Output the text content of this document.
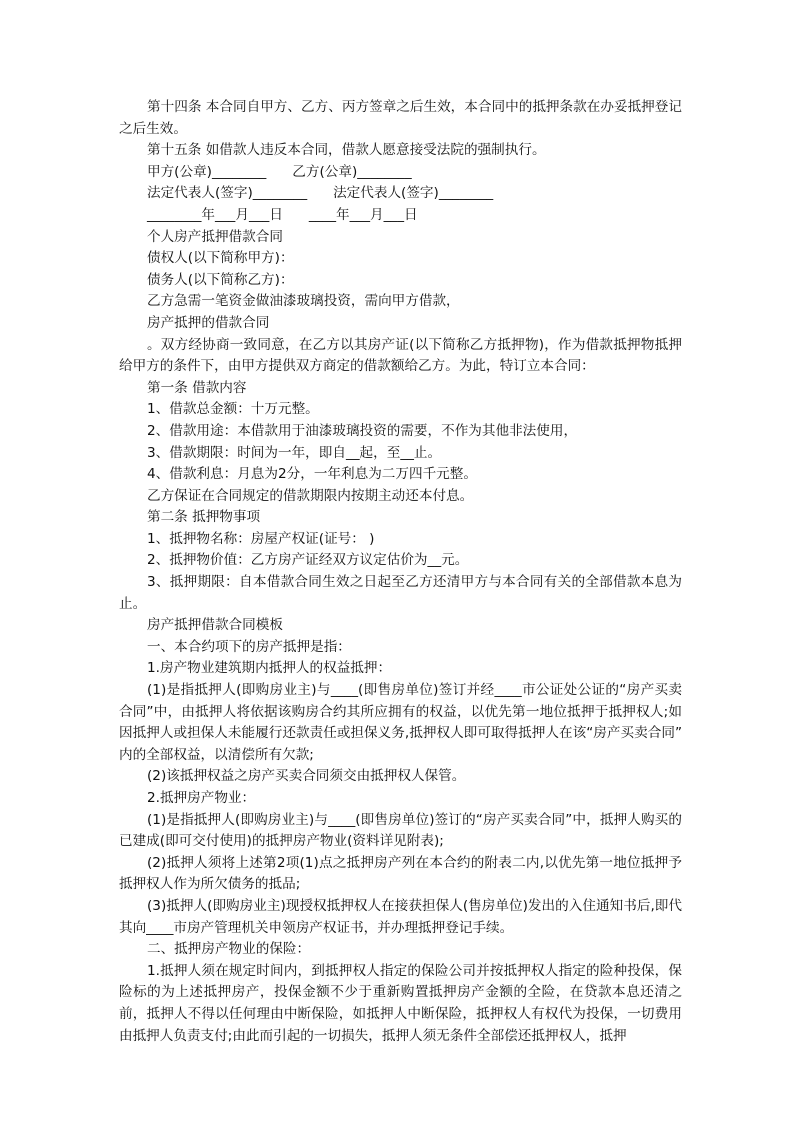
第十四条 本合同自甲方、乙方、丙方签章之后生效，本合同中的抵押条款在办妥抵押登记之后生效。

第十五条 如借款人违反本合同，借款人愿意接受法院的强制执行。

甲方(公章)________      乙方(公章)________

法定代表人(签字)________      法定代表人(签字)________

________年___月___日      ____年___月___日

个人房产抵押借款合同

债权人(以下简称甲方)：

债务人(以下简称乙方)：

乙方急需一笔资金做油漆玻璃投资，需向甲方借款，

房产抵押的借款合同

。双方经协商一致同意，在乙方以其房产证(以下简称乙方抵押物)，作为借款抵押物抵押给甲方的条件下，由甲方提供双方商定的借款额给乙方。为此，特订立本合同：

第一条 借款内容

1、借款总金额：十万元整。

2、借款用途：本借款用于油漆玻璃投资的需要，不作为其他非法使用，

3、借款期限：时间为一年，即自__起，至__止。

4、借款利息：月息为2分，一年利息为二万四千元整。

乙方保证在合同规定的借款期限内按期主动还本付息。

第二条 抵押物事项

1、抵押物名称：房屋产权证(证号： )

2、抵押物价值：乙方房产证经双方议定估价为__元。

3、抵押期限：自本借款合同生效之日起至乙方还清甲方与本合同有关的全部借款本息为止。

房产抵押借款合同模板

一、本合约项下的房产抵押是指：

1.房产物业建筑期内抵押人的权益抵押：

(1)是指抵押人(即购房业主)与____(即售房单位)签订并经____市公证处公证的“房产买卖合同”中，由抵押人将依据该购房合约其所应拥有的权益，以优先第一地位抵押于抵押权人;如因抵押人或担保人未能履行还款责任或担保义务,抵押权人即可取得抵押人在该“房产买卖合同” 内的全部权益，以清偿所有欠款;

(2)该抵押权益之房产买卖合同须交由抵押权人保管。

2.抵押房产物业：

(1)是指抵押人(即购房业主)与____(即售房单位)签订的“房产买卖合同”中，抵押人购买的已建成(即可交付使用)的抵押房产物业(资料详见附表);

(2)抵押人须将上述第2项(1)点之抵押房产列在本合约的附表二内,以优先第一地位抵押予抵押权人作为所欠债务的抵品;

(3)抵押人(即购房业主)现授权抵押权人在接获担保人(售房单位)发出的入住通知书后,即代其向____市房产管理机关申领房产权证书，并办理抵押登记手续。

二、抵押房产物业的保险：

1.抵押人须在规定时间内，到抵押权人指定的保险公司并按抵押权人指定的险种投保，保险标的为上述抵押房产，投保金额不少于重新购置抵押房产金额的全险，在贷款本息还清之前，抵押人不得以任何理由中断保险，如抵押人中断保险，抵押权人有权代为投保，一切费用由抵押人负责支付;由此而引起的一切损失，抵押人须无条件全部偿还抵押权人，抵押
